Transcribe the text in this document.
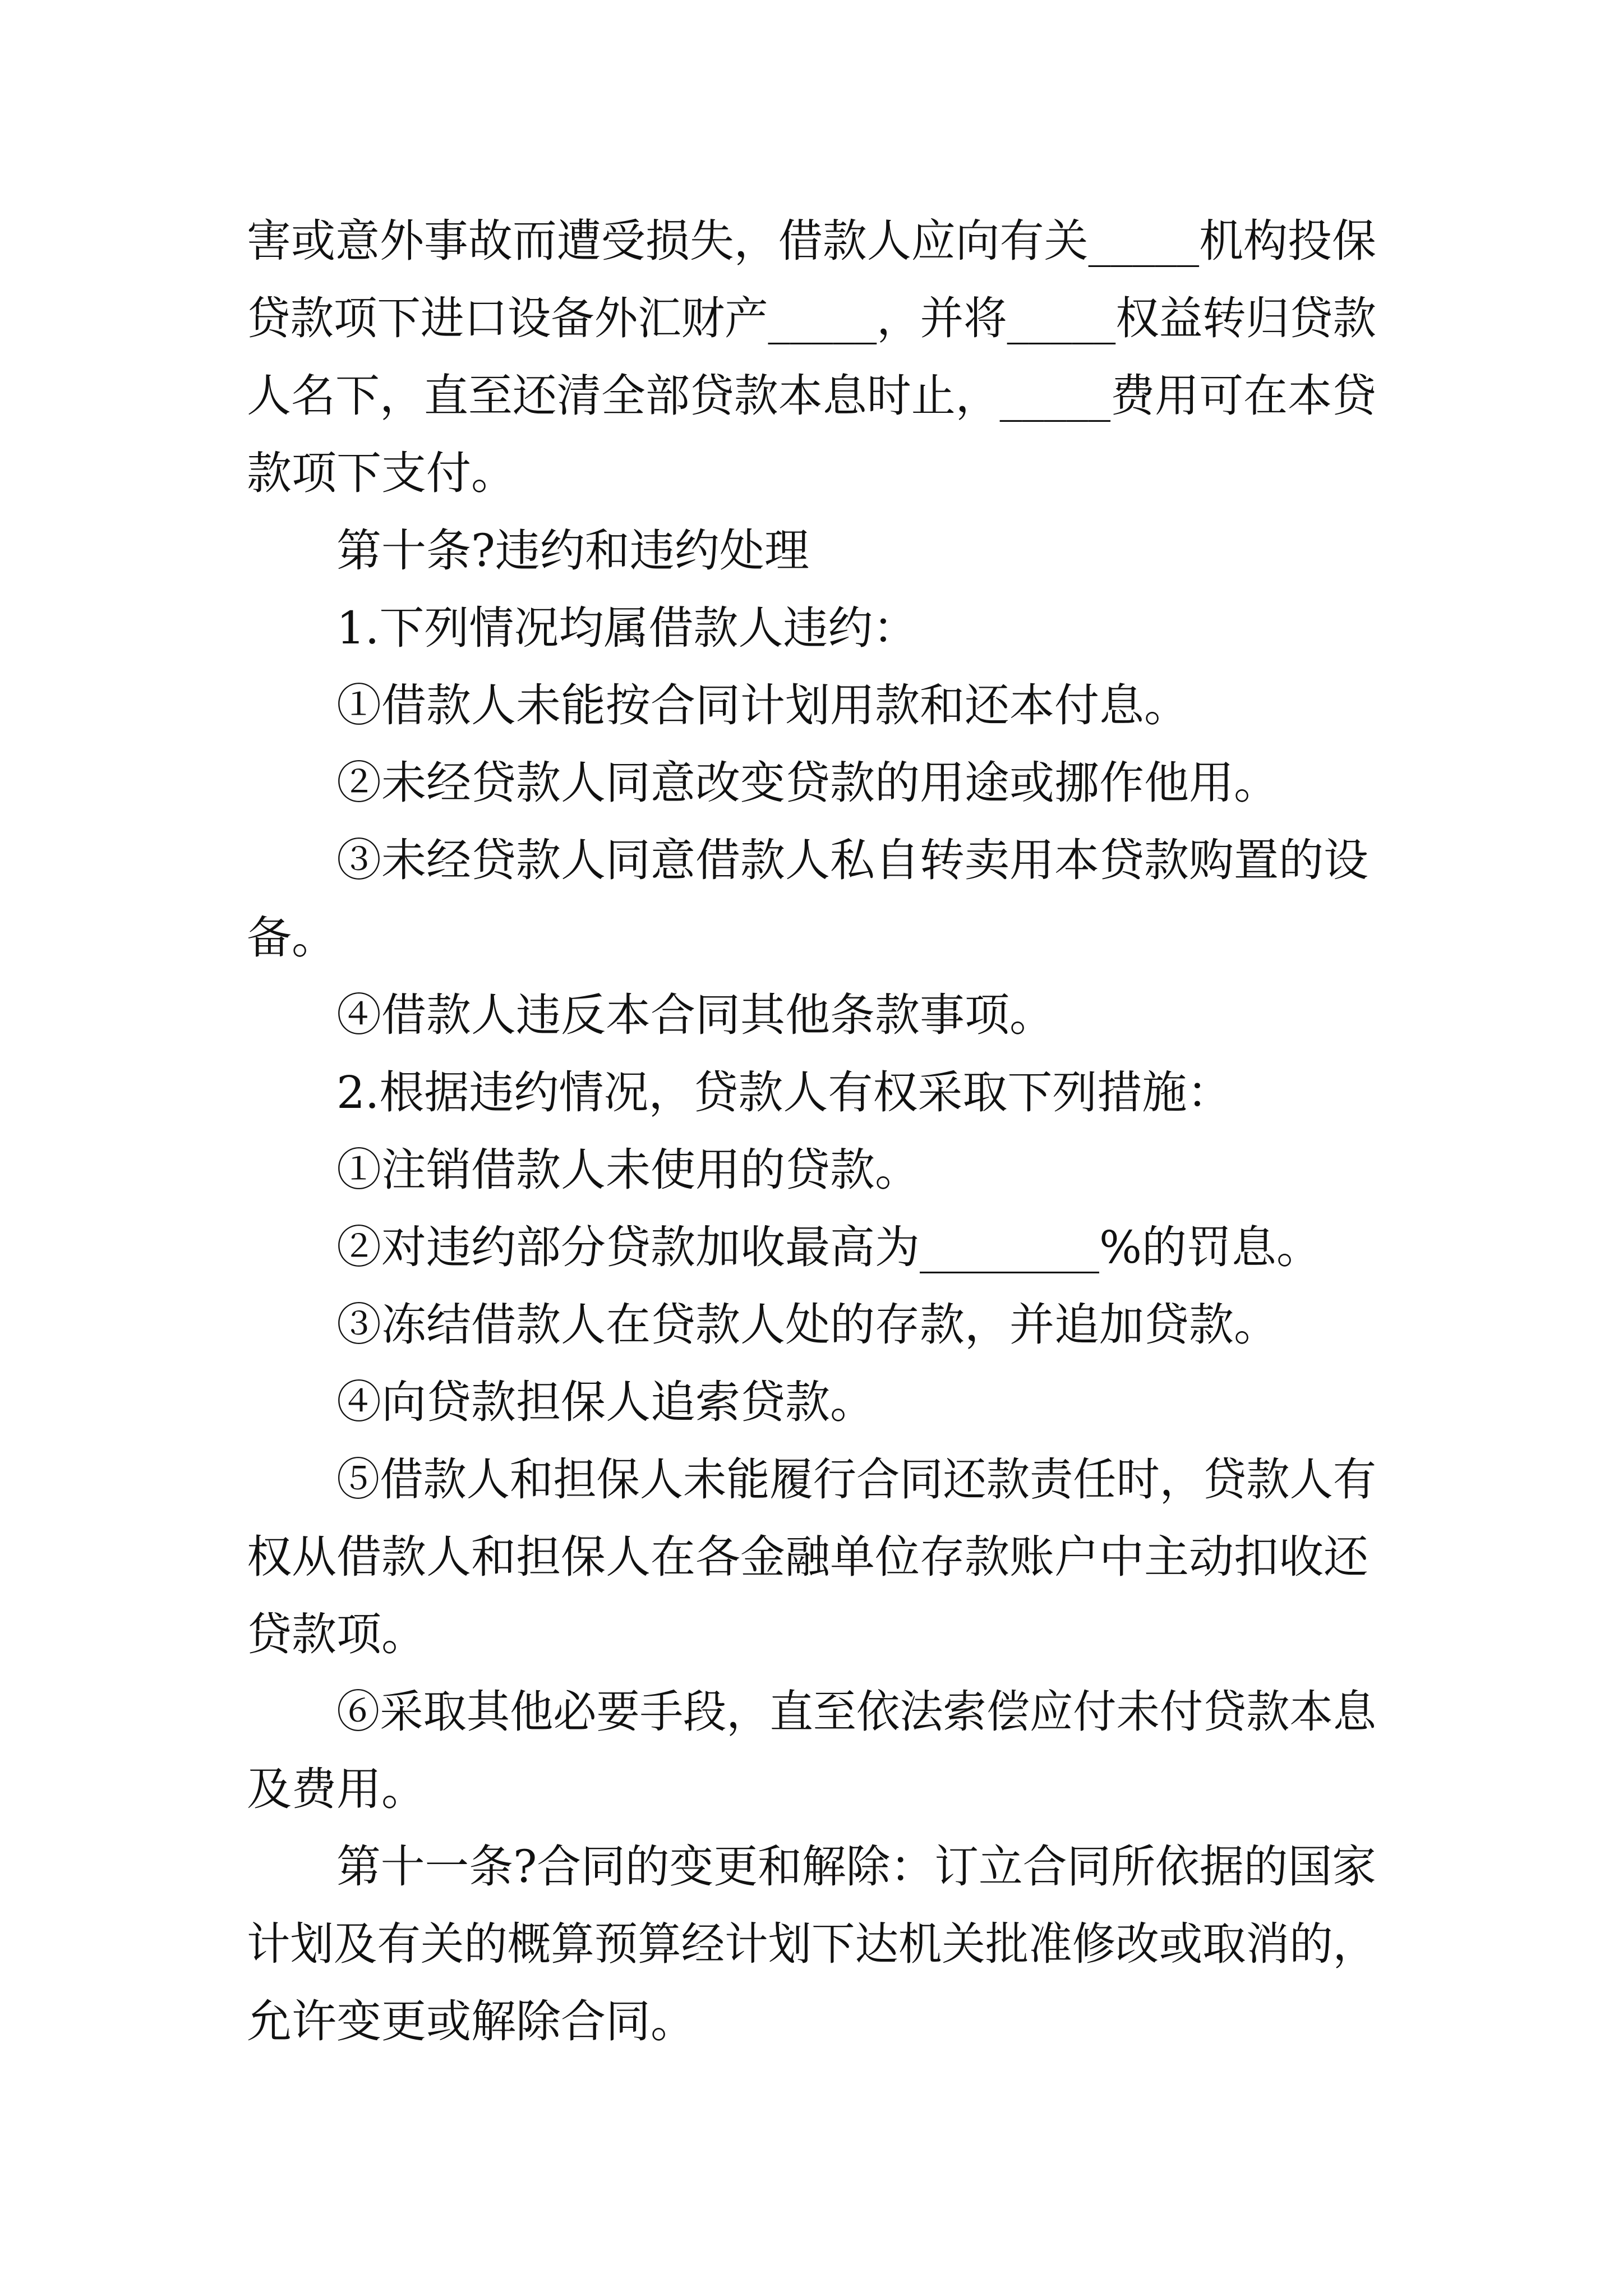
害或意外事故而遭受损失，借款人应向有关_____机构投保
贷款项下进口设备外汇财产_____，并将_____权益转归贷款
人名下，直至还清全部贷款本息时止，_____费用可在本贷
款项下支付。
第十条?违约和违约处理
1.下列情况均属借款人违约：
①借款人未能按合同计划用款和还本付息。
②未经贷款人同意改变贷款的用途或挪作他用。
③未经贷款人同意借款人私自转卖用本贷款购置的设
备。
④借款人违反本合同其他条款事项。
2.根据违约情况，贷款人有权采取下列措施：
①注销借款人未使用的贷款。
②对违约部分贷款加收最高为________%的罚息。
③冻结借款人在贷款人处的存款，并追加贷款。
④向贷款担保人追索贷款。
⑤借款人和担保人未能履行合同还款责任时，贷款人有
权从借款人和担保人在各金融单位存款账户中主动扣收还
贷款项。
⑥采取其他必要手段，直至依法索偿应付未付贷款本息
及费用。
第十一条?合同的变更和解除：订立合同所依据的国家
计划及有关的概算预算经计划下达机关批准修改或取消的，
允许变更或解除合同。
